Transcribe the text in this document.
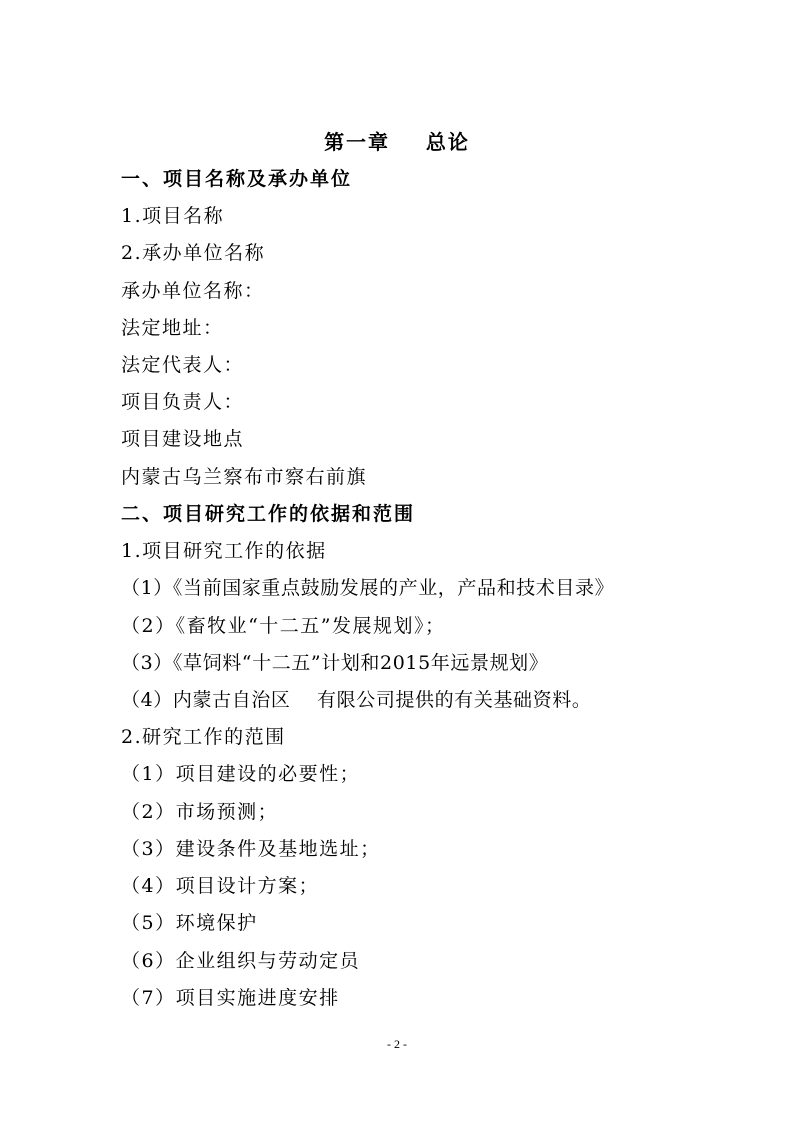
第一章    总论
一、项目名称及承办单位
1.项目名称
2.承办单位名称
承办单位名称：
法定地址：
法定代表人：
项目负责人：
项目建设地点
内蒙古乌兰察布市察右前旗
二、项目研究工作的依据和范围
1.项目研究工作的依据
（1）《当前国家重点鼓励发展的产业，产品和技术目录》
（2）《畜牧业“十二五”发展规划》；
（3）《草饲料“十二五”计划和2015年远景规划》
（4）内蒙古自治区    有限公司提供的有关基础资料。
2.研究工作的范围
（1）项目建设的必要性；
（2）市场预测；
（3）建设条件及基地选址；
（4）项目设计方案；
（5）环境保护
（6）企业组织与劳动定员
（7）项目实施进度安排
- 2 -
